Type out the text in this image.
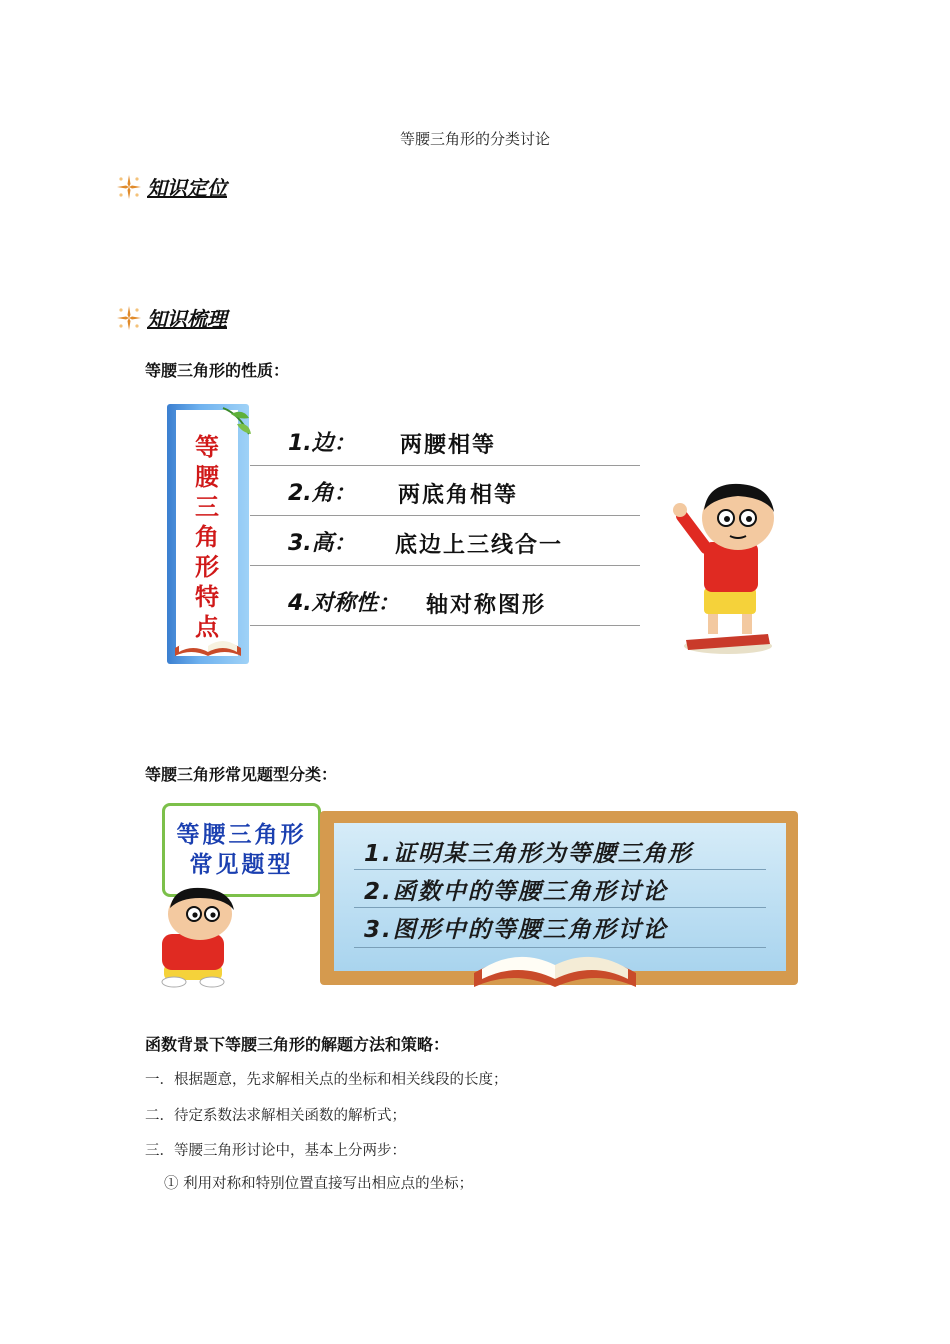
等腰三角形的分类讨论
知识定位
知识梳理
等腰三角形的性质：
等
腰
三
角
形
特
点
1.边： 两腰相等
2.角： 两底角相等
3.高： 底边上三线合一
4.对称性： 轴对称图形
等腰三角形常见题型分类：
等腰三角形
常见题型	1.证明某三角形为等腰三角形
2.函数中的等腰三角形讨论
3.图形中的等腰三角形讨论
函数背景下等腰三角形的解题方法和策略：
一．根据题意，先求解相关点的坐标和相关线段的长度；
二．待定系数法求解相关函数的解析式；
三．等腰三角形讨论中，基本上分两步：
① 利用对称和特别位置直接写出相应点的坐标；
